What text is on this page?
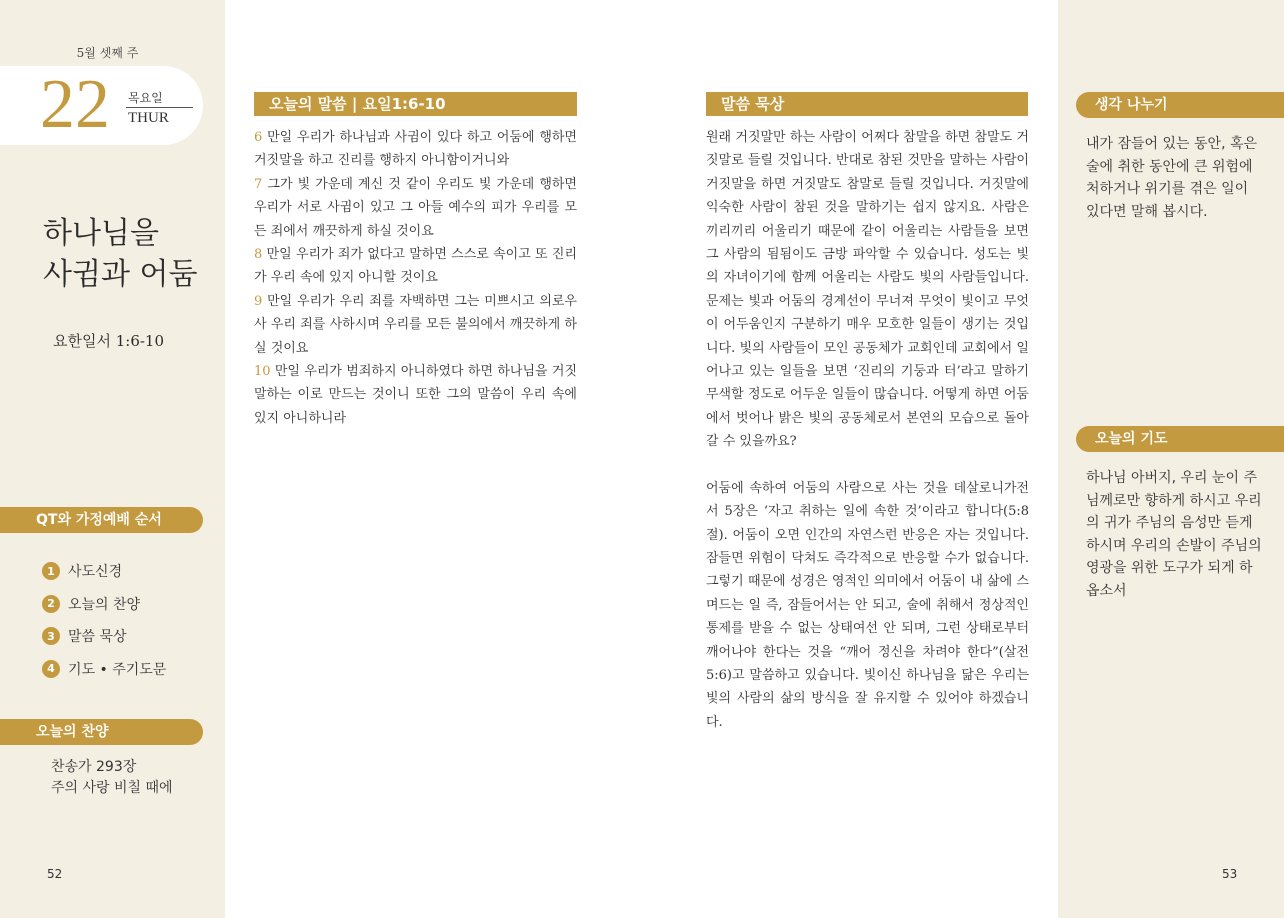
5월 셋째 주
22 목요일
THUR
하나님을
사귐과 어둠
요한일서 1:6-10
QT와 가정예배 순서
1 사도신경
2 오늘의 찬양
3 말씀 묵상
4 기도 • 주기도문
오늘의 찬양
찬송가 293장
주의 사랑 비칠 때에
52
오늘의 말씀 | 요일1:6-10
6 만일 우리가 하나님과 사귐이 있다 하고 어둠에 행하면 거짓말을 하고 진리를 행하지 아니함이거니와
7 그가 빛 가운데 계신 것 같이 우리도 빛 가운데 행하면 우리가 서로 사귐이 있고 그 아들 예수의 피가 우리를 모든 죄에서 깨끗하게 하실 것이요
8 만일 우리가 죄가 없다고 말하면 스스로 속이고 또 진리가 우리 속에 있지 아니할 것이요
9 만일 우리가 우리 죄를 자백하면 그는 미쁘시고 의로우사 우리 죄를 사하시며 우리를 모든 불의에서 깨끗하게 하실 것이요
10 만일 우리가 범죄하지 아니하였다 하면 하나님을 거짓말하는 이로 만드는 것이니 또한 그의 말씀이 우리 속에 있지 아니하니라
말씀 묵상

원래 거짓말만 하는 사람이 어쩌다 참말을 하면 참말도 거짓말로 들릴 것입니다. 반대로 참된 것만을 말하는 사람이 거짓말을 하면 거짓말도 참말로 들릴 것입니다. 거짓말에 익숙한 사람이 참된 것을 말하기는 쉽지 않지요. 사람은 끼리끼리 어울리기 때문에 같이 어울리는 사람들을 보면 그 사람의 됨됨이도 금방 파악할 수 있습니다. 성도는 빛의 자녀이기에 함께 어울리는 사람도 빛의 사람들입니다. 문제는 빛과 어둠의 경계선이 무너져 무엇이 빛이고 무엇이 어두움인지 구분하기 매우 모호한 일들이 생기는 것입니다. 빛의 사람들이 모인 공동체가 교회인데 교회에서 일어나고 있는 일들을 보면 ‘진리의 기둥과 터’라고 말하기 무색할 정도로 어두운 일들이 많습니다. 어떻게 하면 어둠에서 벗어나 밝은 빛의 공동체로서 본연의 모습으로 돌아갈 수 있을까요?

어둠에 속하여 어둠의 사람으로 사는 것을 데살로니가전서 5장은 ‘자고 취하는 일에 속한 것’이라고 합니다(5:8절). 어둠이 오면 인간의 자연스런 반응은 자는 것입니다. 잠들면 위험이 닥쳐도 즉각적으로 반응할 수가 없습니다. 그렇기 때문에 성경은 영적인 의미에서 어둠이 내 삶에 스며드는 일 즉, 잠들어서는 안 되고, 술에 취해서 정상적인 통제를 받을 수 없는 상태여선 안 되며, 그런 상태로부터 깨어나야 한다는 것을 “깨어 정신을 차려야 한다”(살전5:6)고 말씀하고 있습니다. 빛이신 하나님을 닮은 우리는 빛의 사람의 삶의 방식을 잘 유지할 수 있어야 하겠습니다.

생각 나누기
내가 잠들어 있는 동안, 혹은 술에 취한 동안에 큰 위험에 처하거나 위기를 겪은 일이 있다면 말해 봅시다.
오늘의 기도
하나님 아버지, 우리 눈이 주님께로만 향하게 하시고 우리의 귀가 주님의 음성만 듣게 하시며 우리의 손발이 주님의 영광을 위한 도구가 되게 하옵소서
53
